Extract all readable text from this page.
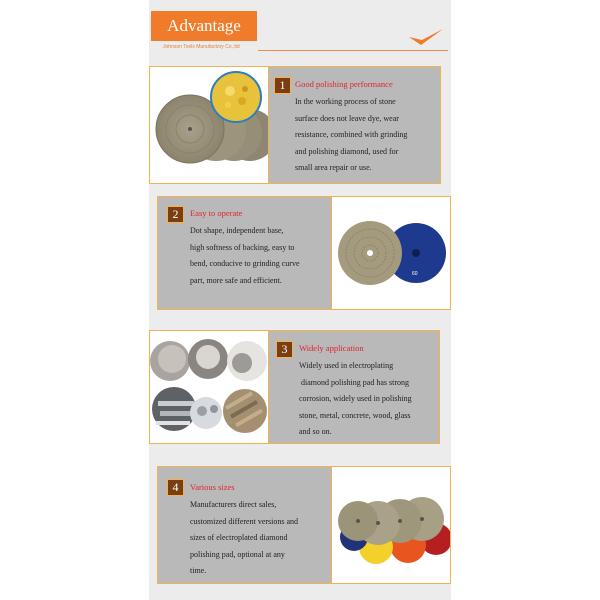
Advantage
Johnson Tools Manufactory Co.,ltd
1	Good polishing performance
In the working process of stone
surface does not leave dye, wear
resistance, combined with grinding
and polishing diamond, used for
small area repair or use.
60
2	Easy to operate
Dot shape, independent base,
high softness of backing, easy to
bend, conducive to grinding curve
part, more safe and efficient.
3	Widely application
Widely used in electroplating
diamond polishing pad has strong
corrosion, widely used in polishing
stone, metal, concrete, wood, glass
and so on.
4	Various sizes
Manufacturers direct sales,
customized different versions and
sizes of electroplated diamond
polishing pad, optional at any
time.
